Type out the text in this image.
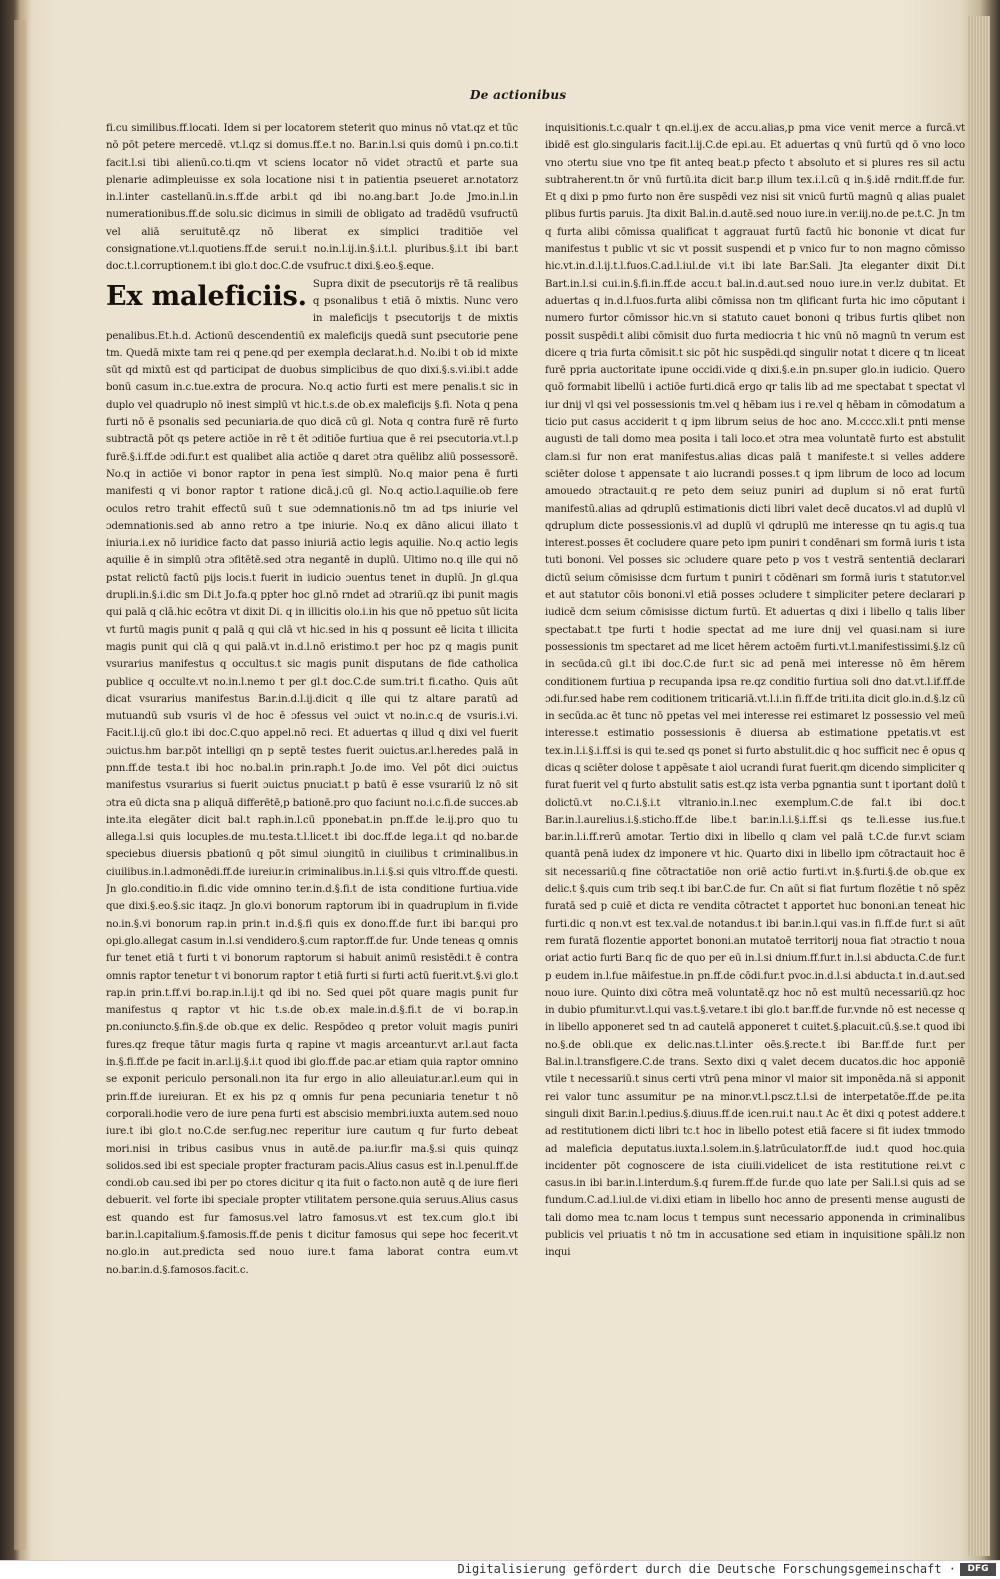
De actionibus

fi.cu similibus.ff.locati. Idem si per locatorem steterit quo minus nō vtat.qz et tūc nō pōt petere mercedē. vt.l.qz si domus.ff.e.t no. Bar.in.l.si quis domū i pn.co.ti.t facit.l.si tibi alienū.co.ti.qm vt sciens locator nō videt ɔtractū et parte sua plenarie adimpleuisse ex sola locatione nisi t in patientia pseueret ar.notatorz in.l.inter castellanū.in.s.ff.de arbi.t qd ibi no.ang.bar.t Jo.de Jmo.in.l.in numerationibus.ff.de solu.sic dicimus in simili de obligato ad tradēdū vsufructū vel aliā seruitutē.qz nō liberat ex simplici traditiōe vel consignatione.vt.l.quotiens.ff.de serui.t no.in.l.ij.in.§.i.t.l. pluribus.§.i.t ibi bar.t doc.t.l.corruptionem.t ibi glo.t doc.C.de vsufruc.t dixi.§.eo.§.eque.

Ex maleficiis. Supra dixit de psecutorijs rē tā realibus q psonalibus t etiā ō mixtis. Nunc vero in maleficijs t psecutorijs t de mixtis penalibus.Et.h.d. Actionū descendentiū ex maleficijs quedā sunt psecutorie pene tm. Quedā mixte tam rei q pene.qd per exempla declarat.h.d. No.ibi t ob id mixte sūt qd mixtū est qd participat de duobus simplicibus de quo dixi.§.s.vi.ibi.t adde bonū casum in.c.tue.extra de procura. No.q actio furti est mere penalis.t sic in duplo vel quadruplo nō inest simplū vt hic.t.s.de ob.ex maleficijs §.fi. Nota q pena furti nō ē psonalis sed pecuniaria.de quo dicā cū gl. Nota q contra furē rē furto subtractā pōt qs petere actiōe in rē t ēt ɔditiōe furtiua que ē rei psecutoria.vt.l.p furē.§.i.ff.de ɔdi.fur.t est qualibet alia actiōe q daret ɔtra quēlibz aliū possessorē. No.q in actiōe vi bonor raptor in pena īest simplū. No.q maior pena ē furti manifesti q vi bonor raptor t ratione dicā.j.cū gl. No.q actio.l.aquilie.ob fere oculos retro trahit effectū suū t sue ɔdemnationis.nō tm ad tps iniurie vel ɔdemnationis.sed ab anno retro a tpe iniurie. No.q ex dāno alicui illato t iniuria.i.ex nō iuridice facto dat passo iniuriā actio legis aquilie. No.q actio legis aquilie ē in simplū ɔtra ɔfitētē.sed ɔtra negantē in duplū. Ultimo no.q ille qui nō pstat relictū factū pijs locis.t fuerit in iudicio ɔuentus tenet in duplū. Jn gl.qua drupli.in.§.i.dic sm Di.t Jo.fa.q ppter hoc gl.nō rndet ad ɔtrariū.qz ibi punit magis qui palā q clā.hic ecōtra vt dixit Di. q in illicitis olo.i.in his que nō ppetuo sūt licita vt furtū magis punit q palā q qui clā vt hic.sed in his q possunt eē licita t illicita magis punit qui clā q qui palā.vt in.d.l.nō eristimo.t per hoc pz q magis punit vsurarius manifestus q occultus.t sic magis punit disputans de fide catholica publice q occulte.vt no.in.l.nemo t per gl.t doc.C.de sum.tri.t fi.catho. Quis aūt dicat vsurarius manifestus Bar.in.d.l.ij.dicit q ille qui tz altare paratū ad mutuandū sub vsuris vl de hoc ē ɔfessus vel ɔuict vt no.in.c.q de vsuris.i.vi. Facit.l.ij.cū glo.t ibi doc.C.quo appel.nō reci. Et aduertas q illud q dixi vel fuerit ɔuictus.hm bar.pōt intelligi qn p septē testes fuerit ɔuictus.ar.l.heredes palā in pnn.ff.de testa.t ibi hoc no.bal.in prin.raph.t Jo.de imo. Vel pōt dici ɔuictus manifestus vsurarius si fuerit ɔuictus pnuciat.t p batū ē esse vsurariū lz nō sit ɔtra eū dicta sna p aliquā differētē,p bationē.pro quo faciunt no.i.c.fi.de succes.ab inte.ita elegāter dicit bal.t raph.in.l.cū pponebat.in pn.ff.de le.ij.pro quo tu allega.l.si quis locuples.de mu.testa.t.l.licet.t ibi doc.ff.de lega.i.t qd no.bar.de speciebus diuersis pbationū q pōt simul ɔiungitū in ciuilibus t criminalibus.in ciuilibus.in.l.admonēdi.ff.de iureiur.in criminalibus.in.l.i.§.si quis vltro.ff.de questi. Jn glo.conditio.in fi.dic vide omnino ter.in.d.§.fi.t de ista conditione furtiua.vide que dixi.§.eo.§.sic itaqz. Jn glo.vi bonorum raptorum ibi in quadruplum in fi.vide no.in.§.vi bonorum rap.in prin.t in.d.§.fi quis ex dono.ff.de fur.t ibi bar.qui pro opi.glo.allegat casum in.l.si vendidero.§.cum raptor.ff.de fur. Unde teneas q omnis fur tenet etiā t furti t vi bonorum raptorum si habuit animū resistēdi.t ē contra omnis raptor tenetur t vi bonorum raptor t etiā furti si furti actū fuerit.vt.§.vi glo.t rap.in prin.t.ff.vi bo.rap.in.l.ij.t qd ibi no. Sed quei pōt quare magis punit fur manifestus q raptor vt hic t.s.de ob.ex male.in.d.§.fi.t de vi bo.rap.in pn.coniuncto.§.fin.§.de ob.que ex delic. Respōdeo q pretor voluit magis puniri fures.qz freque tātur magis furta q rapine vt magis arceantur.vt ar.l.aut facta in.§.fi.ff.de pe facit in.ar.l.ij.§.i.t quod ibi glo.ff.de pac.ar etiam quia raptor omnino se exponit periculo personali.non ita fur ergo in alio alleuiatur.ar.l.eum qui in prin.ff.de iureiuran. Et ex his pz q omnis fur pena pecuniaria tenetur t nō corporali.hodie vero de iure pena furti est abscisio membri.iuxta autem.sed nouo iure.t ibi glo.t no.C.de ser.fug.nec reperitur iure cautum q fur furto debeat mori.nisi in tribus casibus vnus in autē.de pa.iur.fir ma.§.si quis quinqz solidos.sed ibi est speciale propter fracturam pacis.Alius casus est in.l.penul.ff.de condi.ob cau.sed ibi per po ctores dicitur q ita fuit o facto.non autē q de iure fieri debuerit. vel forte ibi speciale propter vtilitatem persone.quia seruus.Alius casus est quando est fur famosus.vel latro famosus.vt est tex.cum glo.t ibi bar.in.l.capitalium.§.famosis.ff.de penis t dicitur famosus qui sepe hoc fecerit.vt no.glo.in aut.predicta sed nouo iure.t fama laborat contra eum.vt no.bar.in.d.§.famosos.facit.c.

inquisitionis.t.c.qualr t qn.el.ij.ex de accu.alias,p pma vice venit merce a furcā.vt ibidē est glo.singularis facit.l.ij.C.de epi.au. Et aduertas q vnū furtū qd ō vno loco vno ɔtertu siue vno tpe fit anteq beat.p pfecto t absoluto et si plures res sil actu subtraherent.tn ōr vnū furtū.ita dicit bar.p illum tex.i.l.cū q in.§.idē rndit.ff.de fur. Et q dixi p pmo furto non ēre suspēdi vez nisi sit vnicū furtū magnū q alias pualet plibus furtis paruis. Jta dixit Bal.in.d.autē.sed nouo iure.in ver.iij.no.de pe.t.C. Jn tm q furta alibi cōmissa qualificat t aggrauat furtū factū hic bononie vt dicat fur manifestus t public vt sic vt possit suspendi et p vnico fur to non magno cōmisso hic.vt.in.d.l.ij.t.l.fuos.C.ad.l.iul.de vi.t ibi late Bar.Sali. Jta eleganter dixit Di.t Bart.in.l.si cui.in.§.fi.in.ff.de accu.t bal.in.d.aut.sed nouo iure.in ver.lz dubitat. Et aduertas q in.d.l.fuos.furta alibi cōmissa non tm qlificant furta hic imo cōputant i numero furtor cōmissor hic.vn si statuto cauet bononi q tribus furtis qlibet non possit suspēdi.t alibi cōmisit duo furta mediocria t hic vnū nō magnū tn verum est dicere q tria furta cōmisit.t sic pōt hic suspēdi.qd singulir notat t dicere q tn liceat furē ppria auctoritate ipune occidi.vide q dixi.§.e.in pn.super glo.in iudicio. Quero quō formabit libellū i actiōe furti.dicā ergo qr talis lib ad me spectabat t spectat vl iur dnij vl qsi vel possessionis tm.vel q hēbam ius i re.vel q hēbam in cōmodatum a ticio put casus acciderit t q ipm librum seius de hoc ano. M.cccc.xli.t pnti mense augusti de tali domo mea posita i tali loco.et ɔtra mea voluntatē furto est abstulit clam.si fur non erat manifestus.alias dicas palā t manifeste.t si velles addere sciēter dolose t appensate t aio lucrandi posses.t q ipm librum de loco ad locum amouedo ɔtractauit.q re peto dem seiuz puniri ad duplum si nō erat furtū manifestū.alias ad qdruplū estimationis dicti libri valet decē ducatos.vl ad duplū vl qdruplum dicte possessionis.vl ad duplū vl qdruplū me interesse qn tu agis.q tua interest.posses ēt cocludere quare peto ipm puniri t condēnari sm formā iuris t ista tuti bononi. Vel posses sic ɔcludere quare peto p vos t vestrā sententiā declarari dictū seium cōmisisse dcm furtum t puniri t cōdēnari sm formā iuris t statutor.vel et aut statutor cōis bononi.vl etiā posses ɔcludere t simpliciter petere declarari p iudicē dcm seium cōmisisse dictum furtū. Et aduertas q dixi i libello q talis liber spectabat.t tpe furti t hodie spectat ad me iure dnij vel quasi.nam si iure possessionis tm spectaret ad me licet hērem actoēm furti.vt.l.manifestissimi.§.lz cū in secūda.cū gl.t ibi doc.C.de fur.t sic ad penā mei interesse nō ēm hērem conditionem furtiua p recupanda ipsa re.qz conditio furtiua soli dno dat.vt.l.if.ff.de ɔdi.fur.sed habe rem coditionem triticariā.vt.l.i.in fi.ff.de triti.ita dicit glo.in.d.§.lz cū in secūda.ac ēt tunc nō ppetas vel mei interesse rei estimaret lz possessio vel meū interesse.t estimatio possessionis ē diuersa ab estimatione ppetatis.vt est tex.in.l.i.§.i.ff.si is qui te.sed qs ponet si furto abstulit.dic q hoc sufficit nec ē opus q dicas q sciēter dolose t appēsate t aiol ucrandi furat fuerit.qm dicendo simpliciter q furat fuerit vel q furto abstulit satis est.qz ista verba pgnantia sunt t iportant dolū t dolictū.vt no.C.i.§.i.t vltranio.in.l.nec exemplum.C.de fal.t ibi doc.t Bar.in.l.aurelius.i.§.sticho.ff.de libe.t bar.in.l.i.§.i.ff.si qs te.li.esse ius.fue.t bar.in.l.i.ff.rerū amotar. Tertio dixi in libello q clam vel palā t.C.de fur.vt sciam quantā penā iudex dz imponere vt hic. Quarto dixi in libello ipm cōtractauit hoc ē sit necessariū.q fine cōtractatiōe non oriē actio furti.vt in.§.furti.§.de ob.que ex delic.t §.quis cum trib seq.t ibi bar.C.de fur. Cn aūt si fiat furtum flozētie t nō spēz furatā sed p cuiē et dicta re vendita cōtractet t apportet huc bononi.an teneat hic furti.dic q non.vt est tex.val.de notandus.t ibi bar.in.l.qui vas.in fi.ff.de fur.t si aūt rem furatā flozentie apportet bononi.an mutatoē territorij noua fiat ɔtractio t noua oriat actio furti Bar.q fic de quo per eū in.l.si dnium.ff.fur.t in.l.si abducta.C.de fur.t p eudem in.l.fue māifestue.in pn.ff.de cōdi.fur.t pvoc.in.d.l.si abducta.t in.d.aut.sed nouo iure. Quinto dixi cōtra meā voluntatē.qz hoc nō est multū necessariū.qz hoc in dubio pfumitur.vt.l.qui vas.t.§.vetare.t ibi glo.t bar.ff.de fur.vnde nō est necesse q in libello apponeret sed tn ad cautelā apponeret t cuitet.§.placuit.cū.§.se.t quod ibi no.§.de obli.que ex delic.nas.t.l.inter oēs.§.recte.t ibi Bar.ff.de fur.t per Bal.in.l.transfigere.C.de trans. Sexto dixi q valet decem ducatos.dic hoc apponiē vtile t necessariū.t sinus certi vtrū pena minor vl maior sit imponēda.nā si apponit rei valor tunc assumitur pe na minor.vt.l.pscz.t.l.si de interpetatōe.ff.de pe.ita singuli dixit Bar.in.l.pedius.§.diuus.ff.de icen.rui.t nau.t Ac ēt dixi q potest addere.t ad restitutionem dicti libri tc.t hoc in libello potest etiā facere si fit iudex tmmodo ad maleficia deputatus.iuxta.l.solem.in.§.latrūculator.ff.de iud.t quod hoc.quia incidenter pōt cognoscere de ista ciuili.videlicet de ista restitutione rei.vt c casus.in ibi bar.in.l.interdum.§.q furem.ff.de fur.de quo late per Sali.l.si quis ad se fundum.C.ad.l.iul.de vi.dixi etiam in libello hoc anno de presenti mense augusti de tali domo mea tc.nam locus t tempus sunt necessario apponenda in criminalibus publicis vel priuatis t nō tm in accusatione sed etiam in inquisitione spāli.lz non inqui

Digitalisierung gefördert durch die Deutsche Forschungsgemeinschaft ·	DFG
